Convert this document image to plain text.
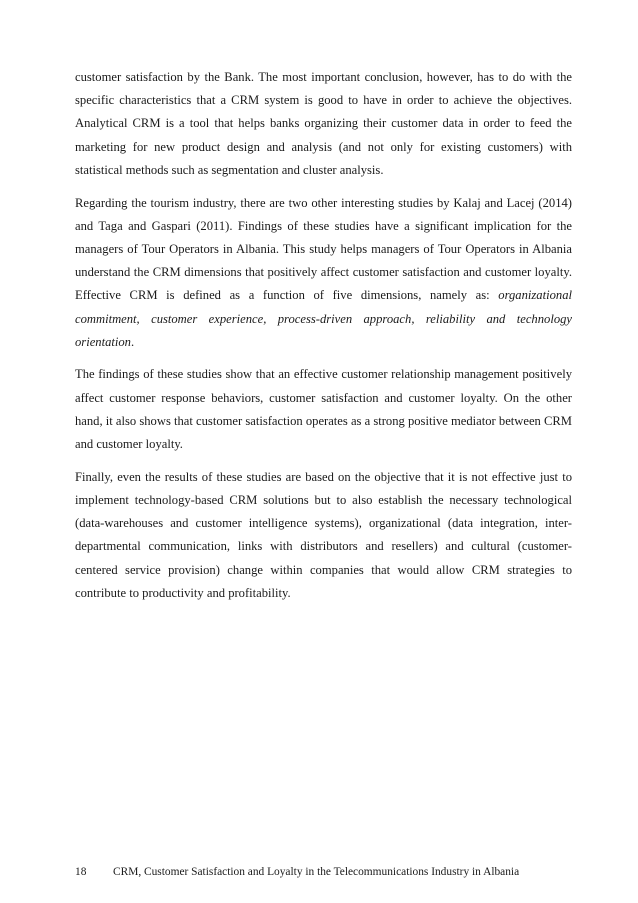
customer satisfaction by the Bank. The most important conclusion, however, has to do with the specific characteristics that a CRM system is good to have in order to achieve the objectives. Analytical CRM is a tool that helps banks organizing their customer data in order to feed the marketing for new product design and analysis (and not only for existing customers) with statistical methods such as segmentation and cluster analysis.

Regarding the tourism industry, there are two other interesting studies by Kalaj and Lacej (2014) and Taga and Gaspari (2011). Findings of these studies have a significant implication for the managers of Tour Operators in Albania. This study helps managers of Tour Operators in Albania understand the CRM dimensions that positively affect customer satisfaction and customer loyalty. Effective CRM is defined as a function of five dimensions, namely as: organizational commitment, customer experience, process-driven approach, reliability and technology orientation.

The findings of these studies show that an effective customer relationship management positively affect customer response behaviors, customer satisfaction and customer loyalty. On the other hand, it also shows that customer satisfaction operates as a strong positive mediator between CRM and customer loyalty.

Finally, even the results of these studies are based on the objective that it is not effective just to implement technology-based CRM solutions but to also establish the necessary technological (data-warehouses and customer intelligence systems), organizational (data integration, inter-departmental communication, links with distributors and resellers) and cultural (customer-centered service provision) change within companies that would allow CRM strategies to contribute to productivity and profitability.

18 CRM, Customer Satisfaction and Loyalty in the Telecommunications Industry in Albania
